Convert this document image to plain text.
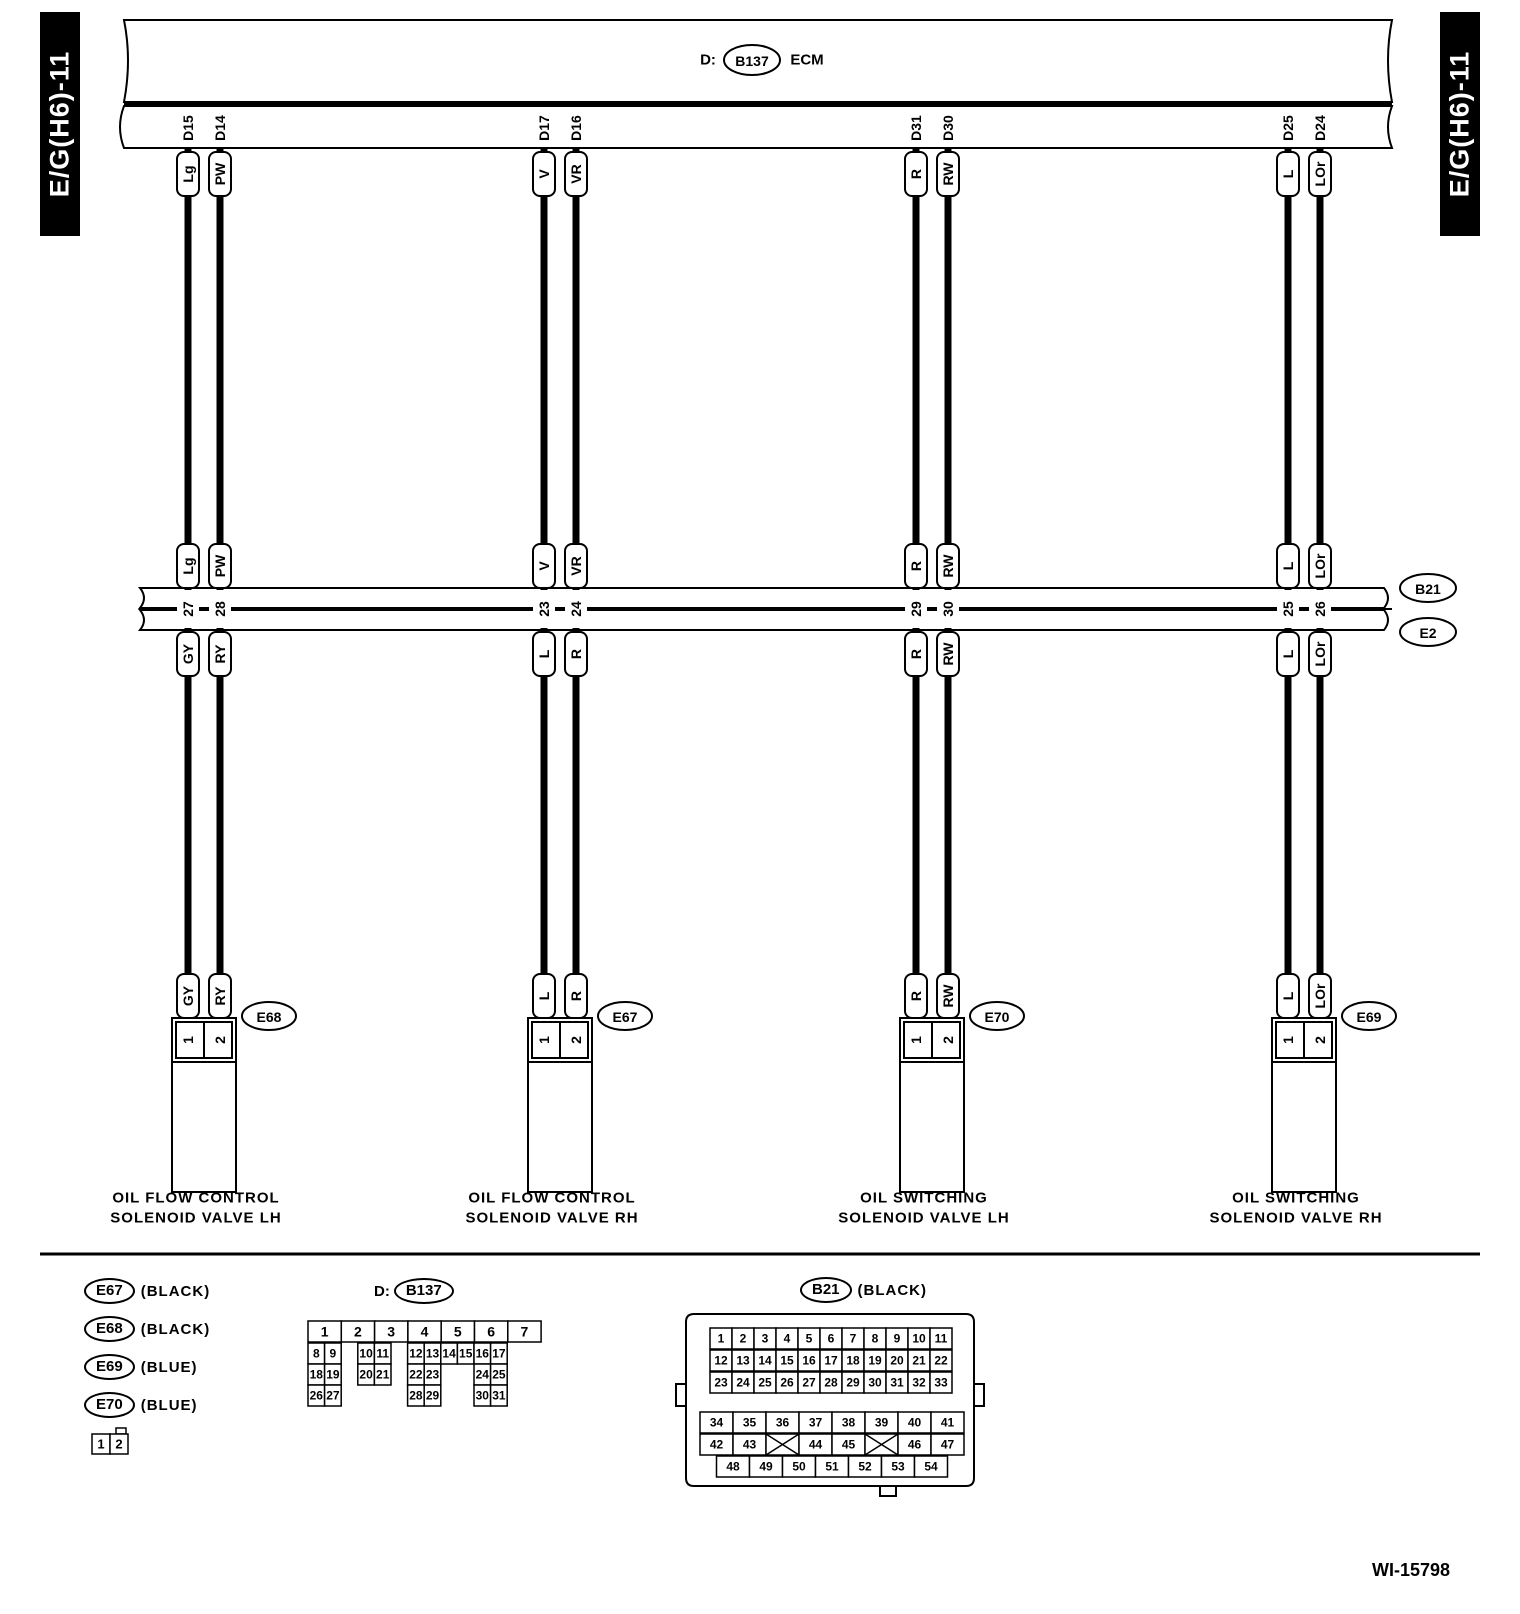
E/G(H6)-11	E/G(H6)-11
D: B137 ECM
B21
E2
D15
Lg
Lg
27
GY
GY
D14
PW
PW
28
RY
RY
1 2
E68
OIL FLOW CONTROL
SOLENOID VALVE LH
D17
V
V
23
L
L
D16
VR
VR
24
R
R
1 2
E67
OIL FLOW CONTROL
SOLENOID VALVE RH
D31
R
R
29
R
R
D30
RW
RW
30
RW
RW
1 2
E70
OIL SWITCHING
SOLENOID VALVE LH
D25
L
L
25
L
L
D24
LOr
LOr
26
LOr
LOr
1 2
E69
OIL SWITCHING
SOLENOID VALVE RH
1 2
1 2 3 4 5 6 7
8 9 10 11 12 13 14 15 16 17
18 19 20 21 22 23	24 25
26 27	28 29	30 31
1 2 3 4 5 6 7 8 9 10 11
12 13 14 15 16 17 18 19 20 21 22
23 24 25 26 27 28 29 30 31 32 33
34 35 36 37 38 39 40 41
42 43	44 45	46 47
48 49 50 51 52 53 54
E67	(BLACK)
E68	(BLACK)
E69	(BLUE)
E70	(BLUE)
D:	B137	B21	(BLACK)
WI-15798
